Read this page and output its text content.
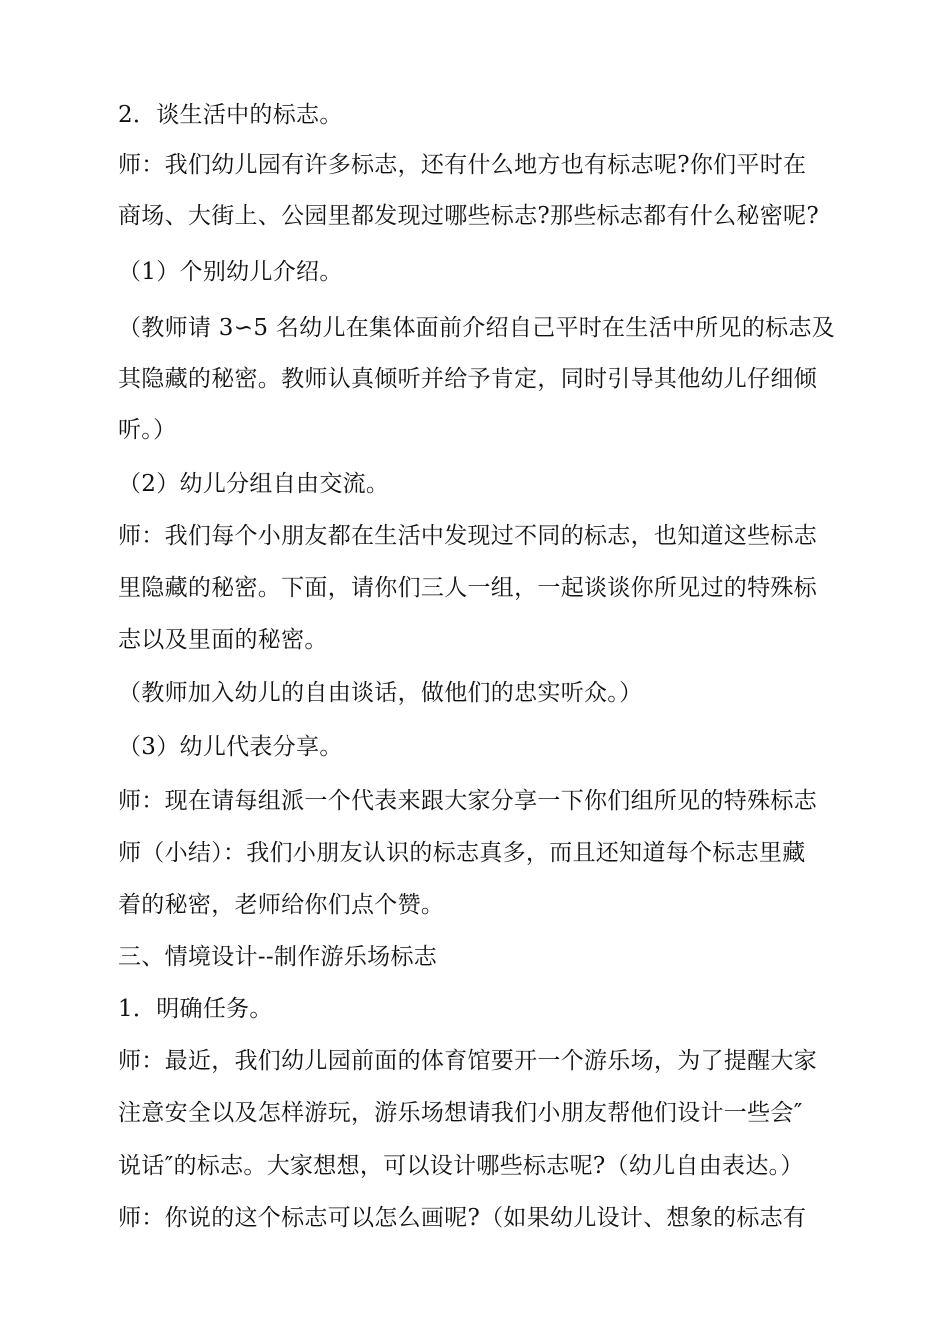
2．谈生活中的标志。

师：我们幼儿园有许多标志，还有什么地方也有标志呢?你们平时在

商场、大街上、公园里都发现过哪些标志?那些标志都有什么秘密呢?

（1）个别幼儿介绍。

（教师请 3∽5 名幼儿在集体面前介绍自己平时在生活中所见的标志及

其隐藏的秘密。教师认真倾听并给予肯定，同时引导其他幼儿仔细倾

听。）

（2）幼儿分组自由交流。

师：我们每个小朋友都在生活中发现过不同的标志，也知道这些标志

里隐藏的秘密。下面，请你们三人一组，一起谈谈你所见过的特殊标

志以及里面的秘密。

（教师加入幼儿的自由谈话，做他们的忠实听众。）

（3）幼儿代表分享。

师：现在请每组派一个代表来跟大家分享一下你们组所见的特殊标志

师（小结）：我们小朋友认识的标志真多，而且还知道每个标志里藏

着的秘密，老师给你们点个赞。

三、情境设计--制作游乐场标志

1．明确任务。

师：最近，我们幼儿园前面的体育馆要开一个游乐场，为了提醒大家

注意安全以及怎样游玩，游乐场想请我们小朋友帮他们设计一些会″

说话″的标志。大家想想，可以设计哪些标志呢?（幼儿自由表达。）

师：你说的这个标志可以怎么画呢?（如果幼儿设计、想象的标志有
